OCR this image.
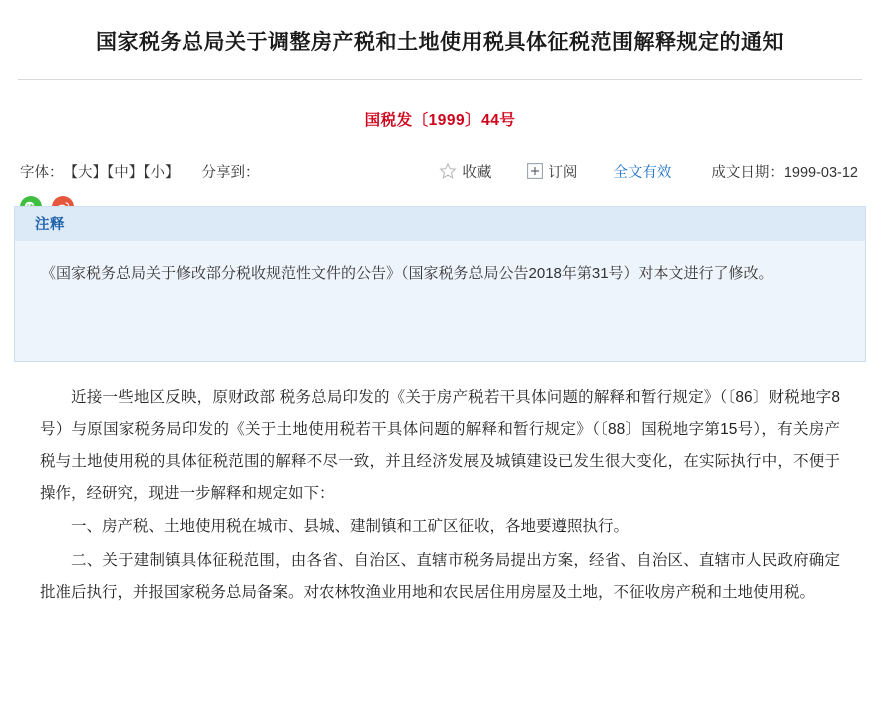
国家税务总局关于调整房产税和土地使用税具体征税范围解释规定的通知
国税发〔1999〕44号
字体： 【大】【中】【小】 分享到：	收藏	订阅 全文有效	成文日期：1999-03-12
注释
《国家税务总局关于修改部分税收规范性文件的公告》（国家税务总局公告2018年第31号）对本文进行了修改。

近接一些地区反映，原财政部 税务总局印发的《关于房产税若干具体问题的解释和暂行规定》（〔86〕财税地字8号）与原国家税务局印发的《关于土地使用税若干具体问题的解释和暂行规定》（〔88〕国税地字第15号），有关房产税与土地使用税的具体征税范围的解释不尽一致，并且经济发展及城镇建设已发生很大变化，在实际执行中，不便于操作，经研究，现进一步解释和规定如下：

一、房产税、土地使用税在城市、县城、建制镇和工矿区征收，各地要遵照执行。

二、关于建制镇具体征税范围，由各省、自治区、直辖市税务局提出方案，经省、自治区、直辖市人民政府确定批准后执行，并报国家税务总局备案。对农林牧渔业用地和农民居住用房屋及土地，不征收房产税和土地使用税。
